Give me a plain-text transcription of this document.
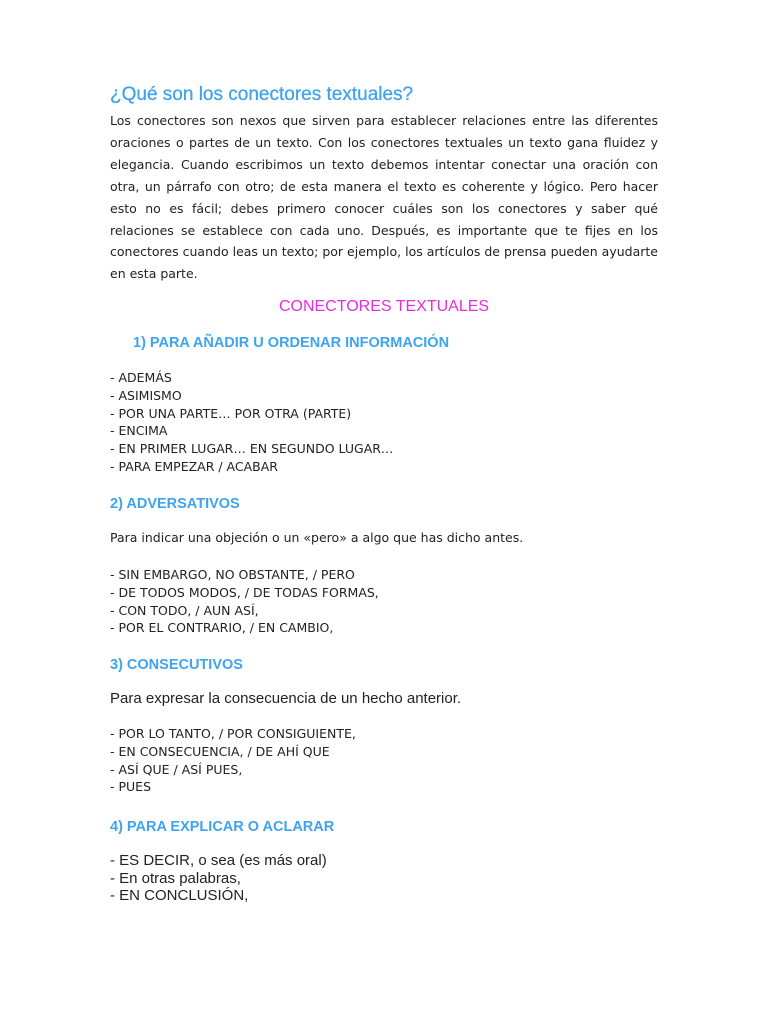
¿Qué son los conectores textuales?

Los conectores son nexos que sirven para establecer relaciones entre las diferentes oraciones o partes de un texto. Con los conectores textuales un texto gana fluidez y elegancia. Cuando escribimos un texto debemos intentar conectar una oración con otra, un párrafo con otro; de esta manera el texto es coherente y lógico. Pero hacer esto no es fácil; debes primero conocer cuáles son los conectores y saber qué relaciones se establece con cada uno. Después, es importante que te fijes en los conectores cuando leas un texto; por ejemplo, los artículos de prensa pueden ayudarte en esta parte.

CONECTORES TEXTUALES
1) PARA AÑADIR U ORDENAR INFORMACIÓN
- ADEMÁS
- ASIMISMO
- POR UNA PARTE… POR OTRA (PARTE)
- ENCIMA
- EN PRIMER LUGAR… EN SEGUNDO LUGAR…
- PARA EMPEZAR / ACABAR
2) ADVERSATIVOS

Para indicar una objeción o un «pero» a algo que has dicho antes.

- SIN EMBARGO, NO OBSTANTE, / PERO
- DE TODOS MODOS, / DE TODAS FORMAS,
- CON TODO, / AUN ASÍ,
- POR EL CONTRARIO, / EN CAMBIO,
3) CONSECUTIVOS

Para expresar la consecuencia de un hecho anterior.

- POR LO TANTO, / POR CONSIGUIENTE,
- EN CONSECUENCIA, / DE AHÍ QUE
- ASÍ QUE / ASÍ PUES,
- PUES
4) PARA EXPLICAR O ACLARAR
- ES DECIR, o sea (es más oral)
- En otras palabras,
- EN CONCLUSIÓN,
